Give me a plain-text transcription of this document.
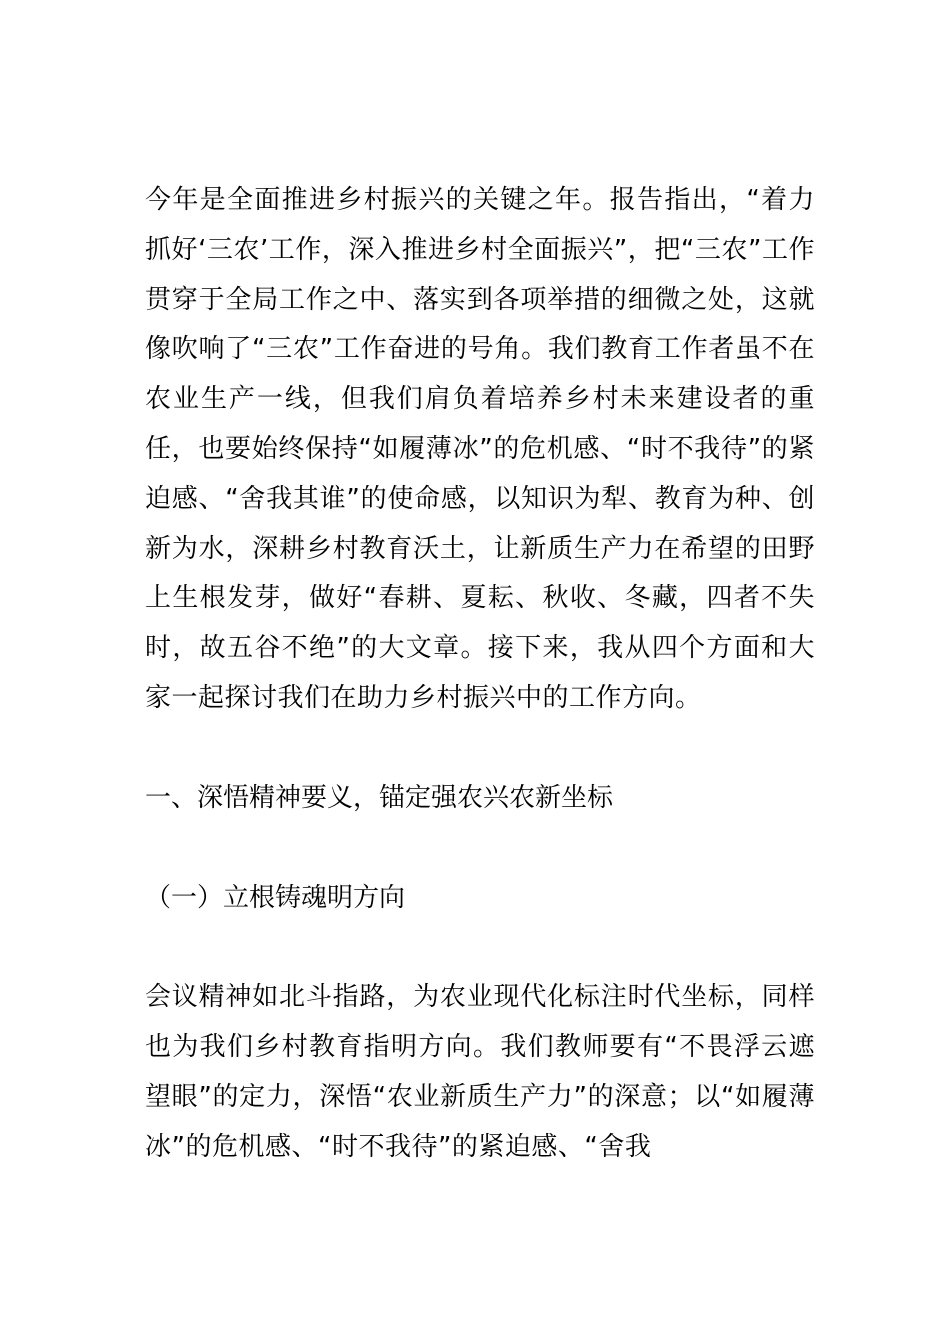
今年是全面推进乡村振兴的关键之年。报告指出，“着力抓好‘三农’工作，深入推进乡村全面振兴”，把“三农”工作贯穿于全局工作之中、落实到各项举措的细微之处，这就像吹响了“三农”工作奋进的号角。我们教育工作者虽不在农业生产一线，但我们肩负着培养乡村未来建设者的重任，也要始终保持“如履薄冰”的危机感、“时不我待”的紧迫感、“舍我其谁”的使命感，以知识为犁、教育为种、创新为水，深耕乡村教育沃土，让新质生产力在希望的田野上生根发芽，做好“春耕、夏耘、秋收、冬藏，四者不失时，故五谷不绝”的大文章。接下来，我从四个方面和大家一起探讨我们在助力乡村振兴中的工作方向。

一、深悟精神要义，锚定强农兴农新坐标

（一）立根铸魂明方向

会议精神如北斗指路，为农业现代化标注时代坐标，同样也为我们乡村教育指明方向。我们教师要有“不畏浮云遮望眼”的定力，深悟“农业新质生产力”的深意；以“如履薄冰”的危机感、“时不我待”的紧迫感、“舍我
